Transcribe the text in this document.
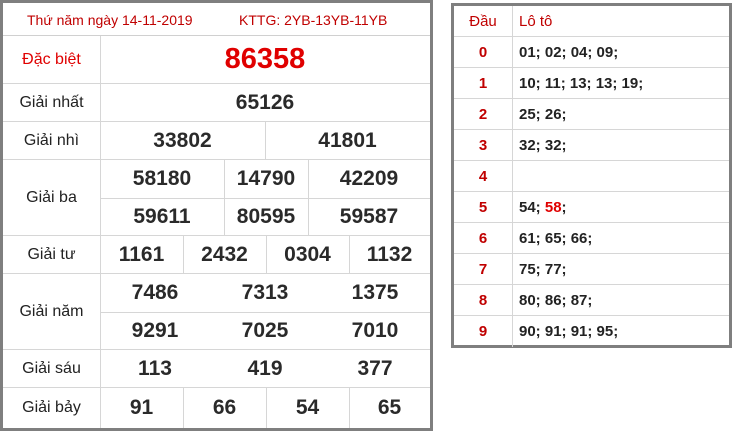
Thứ năm ngày 14-11-2019	KTTG: 2YB-13YB-11YB
Đặc biệt	86358
Giải nhất	65126
Giải nhì	33802	41801
Giải ba
58180	14790	42209
59611	80595	59587
Giải tư	1161	2432	0304	1132
Giải năm
7486	7313	1375
9291	7025	7010
Giải sáu	113	419	377
Giải bảy	91	66	54	65
Đầu	Lô tô
0	01; 02; 04; 09;
1	10; 11; 13; 13; 19;
2	25; 26;
3	32; 32;
4
5	54; 58 ;
6	61; 65; 66;
7	75; 77;
8	80; 86; 87;
9	90; 91; 91; 95;
